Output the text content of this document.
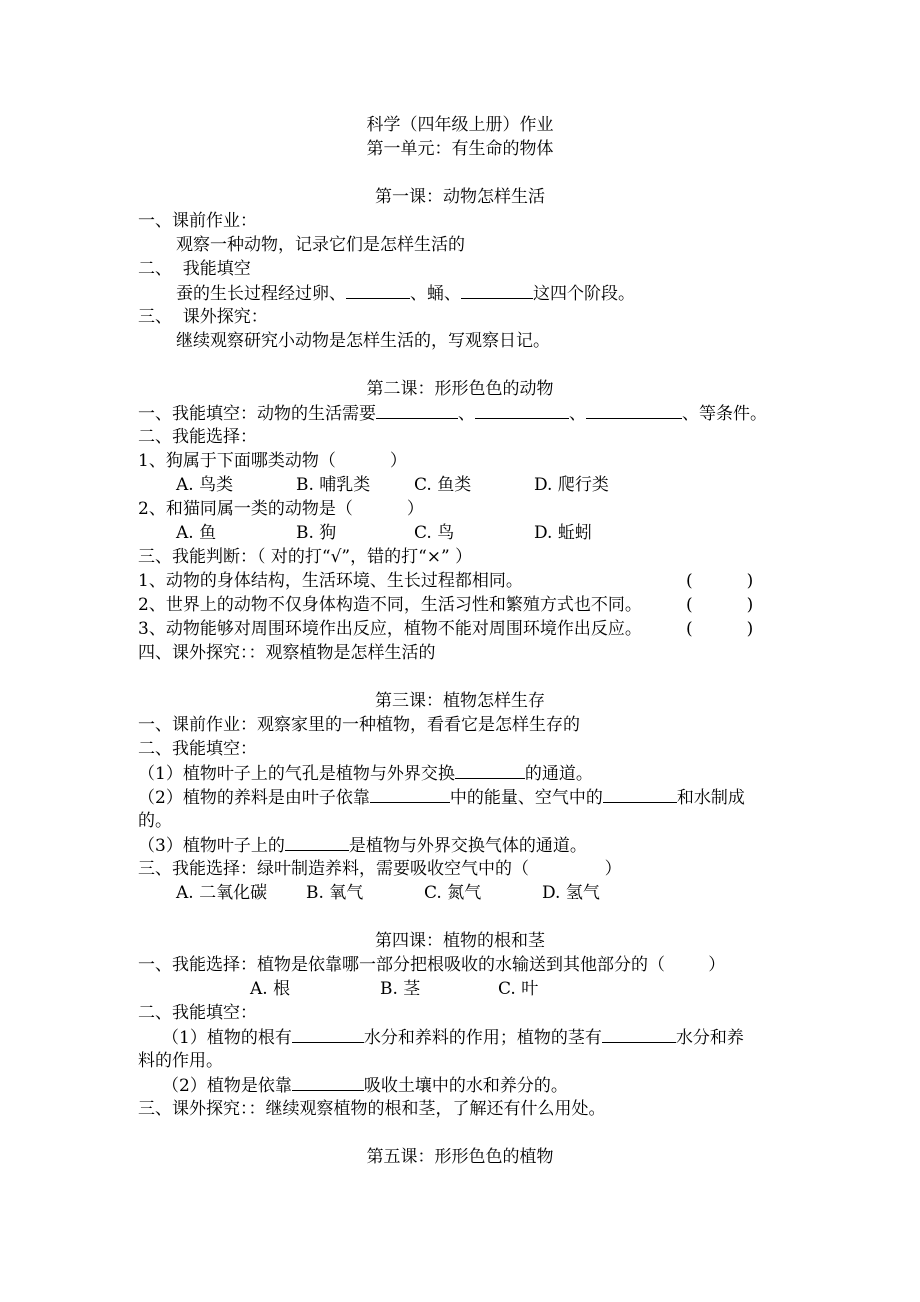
科学（四年级上册）作业
第一单元：有生命的物体
第一课：动物怎样生活
一、课前作业：
观察一种动物，记录它们是怎样生活的
二、  我能填空
蚕的生长过程经过卵、	、蛹、	这四个阶段。
三、  课外探究：
继续观察研究小动物是怎样生活的，写观察日记。
第二课：形形色色的动物
一、我能填空：动物的生活需要	、	、	、等条件。
二、我能选择：
1、狗属于下面哪类动物（          ）
A. 鸟类	B. 哺乳类	C. 鱼类	D. 爬行类
2、和猫同属一类的动物是（          ）
A. 鱼	B. 狗	C. 鸟	D. 蚯蚓
三、我能判断：（ 对的打“√”，错的打“×” ）
1、动物的身体结构，生活环境、生长过程都相同。	(          )
2、世界上的动物不仅身体构造不同，生活习性和繁殖方式也不同。	(          )
3、动物能够对周围环境作出反应，植物不能对周围环境作出反应。	(          )
四、课外探究：：观察植物是怎样生活的
第三课：植物怎样生存
一、课前作业：观察家里的一种植物，看看它是怎样生存的
二、我能填空：
（1）植物叶子上的气孔是植物与外界交换	的通道。
（2）植物的养料是由叶子依靠	中的能量、空气中的	和水制成
的。
（3）植物叶子上的	是植物与外界交换气体的通道。
三、我能选择：绿叶制造养料，需要吸收空气中的（              ）
A. 二氧化碳 B. 氧气	C. 氮气	D. 氢气
第四课：植物的根和茎
一、我能选择：植物是依靠哪一部分把根吸收的水输送到其他部分的（        ）
A. 根	B. 茎	C. 叶
二、我能填空：
（1）植物的根有	水分和养料的作用；植物的茎有	水分和养
料的作用。
（2）植物是依靠	吸收土壤中的水和养分的。
三、课外探究：：继续观察植物的根和茎，了解还有什么用处。
第五课：形形色色的植物
